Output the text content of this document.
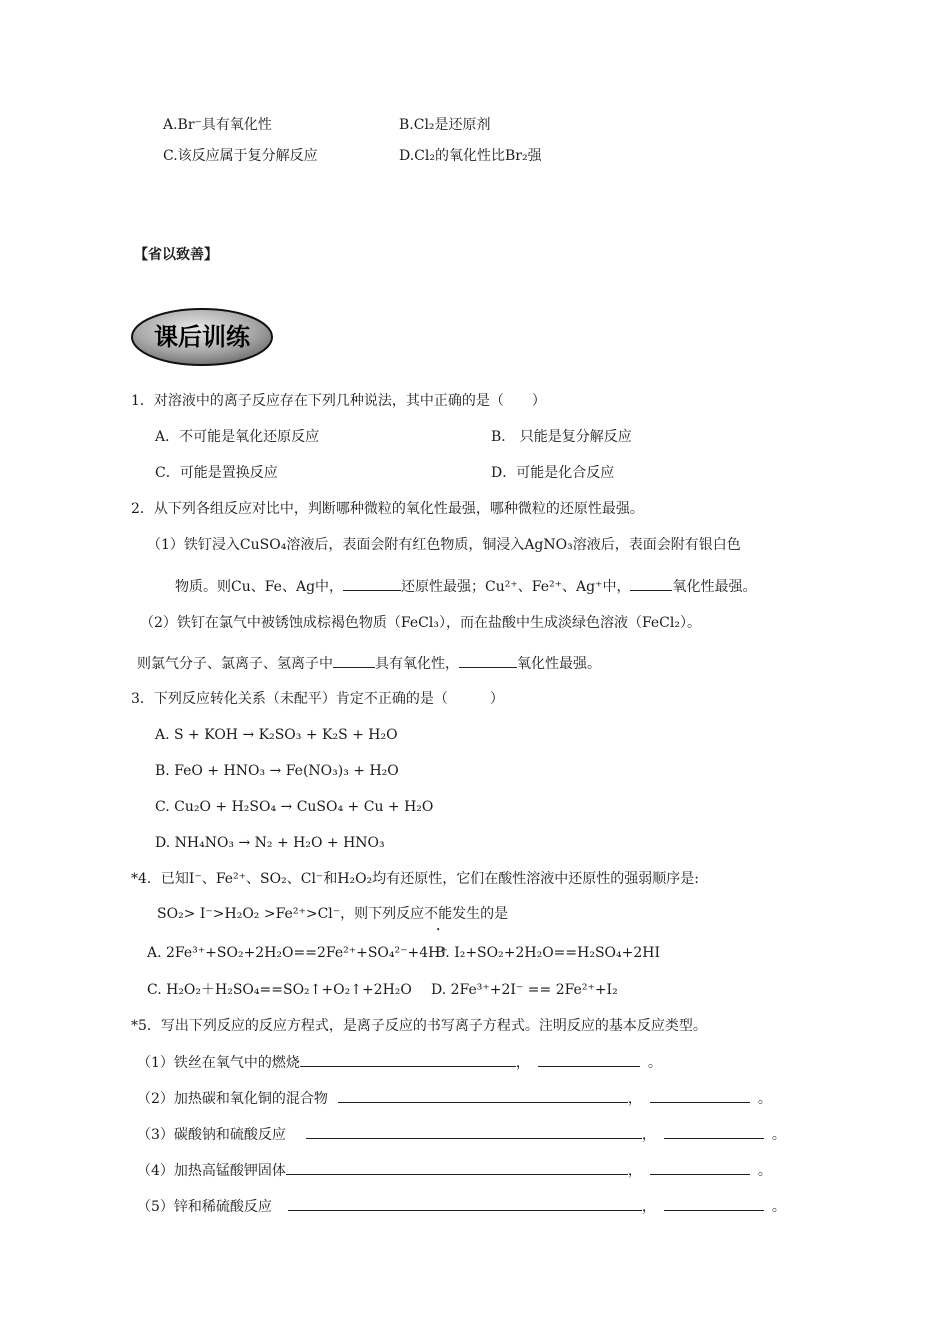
A.Br⁻具有氧化性	B.Cl₂是还原剂
C.该反应属于复分解反应	D.Cl₂的氧化性比Br₂强
【省以致善】
课后训练
1．对溶液中的离子反应存在下列几种说法，其中正确的是（　　）
A．不可能是氧化还原反应	B． 只能是复分解反应
C．可能是置换反应	D．可能是化合反应
2．从下列各组反应对比中，判断哪种微粒的氧化性最强，哪种微粒的还原性最强。
（1）铁钉浸入CuSO₄溶液后，表面会附有红色物质，铜浸入AgNO₃溶液后，表面会附有银白色
物质。则Cu、Fe、Ag中，	还原性最强；Cu²⁺、Fe²⁺、Ag⁺中，	氧化性最强。
（2）铁钉在氯气中被锈蚀成棕褐色物质（FeCl₃），而在盐酸中生成淡绿色溶液（FeCl₂）。
则氯气分子、氯离子、氢离子中	具有氧化性，	氧化性最强。
3．下列反应转化关系（未配平）肯定不正确的是（　　　）
A. S + KOH → K₂SO₃ + K₂S + H₂O
B. FeO + HNO₃ → Fe(NO₃)₃ + H₂O
C. Cu₂O + H₂SO₄ → CuSO₄ + Cu + H₂O
D. NH₄NO₃ → N₂ + H₂O + HNO₃
*4．已知I⁻、Fe²⁺、SO₂、Cl⁻和H₂O₂均有还原性，它们在酸性溶液中还原性的强弱顺序是:
SO₂> I⁻>H₂O₂ >Fe²⁺>Cl⁻，则下列反应不能发生的是
A. 2Fe³⁺+SO₂+2H₂O==2Fe²⁺+SO₄²⁻+4H⁺
B. I₂+SO₂+2H₂O==H₂SO₄+2HI
C. H₂O₂＋H₂SO₄==SO₂↑+O₂↑+2H₂O D. 2Fe³⁺+2I⁻ == 2Fe²⁺+I₂
*5．写出下列反应的反应方程式，是离子反应的书写离子方程式。注明反应的基本反应类型。
（1）铁丝在氧气中的燃烧	，	。
（2）加热碳和氧化铜的混合物	，	。
（3）碳酸钠和硫酸反应	，	。
（4）加热高锰酸钾固体	，	。
（5）锌和稀硫酸反应	，	。
